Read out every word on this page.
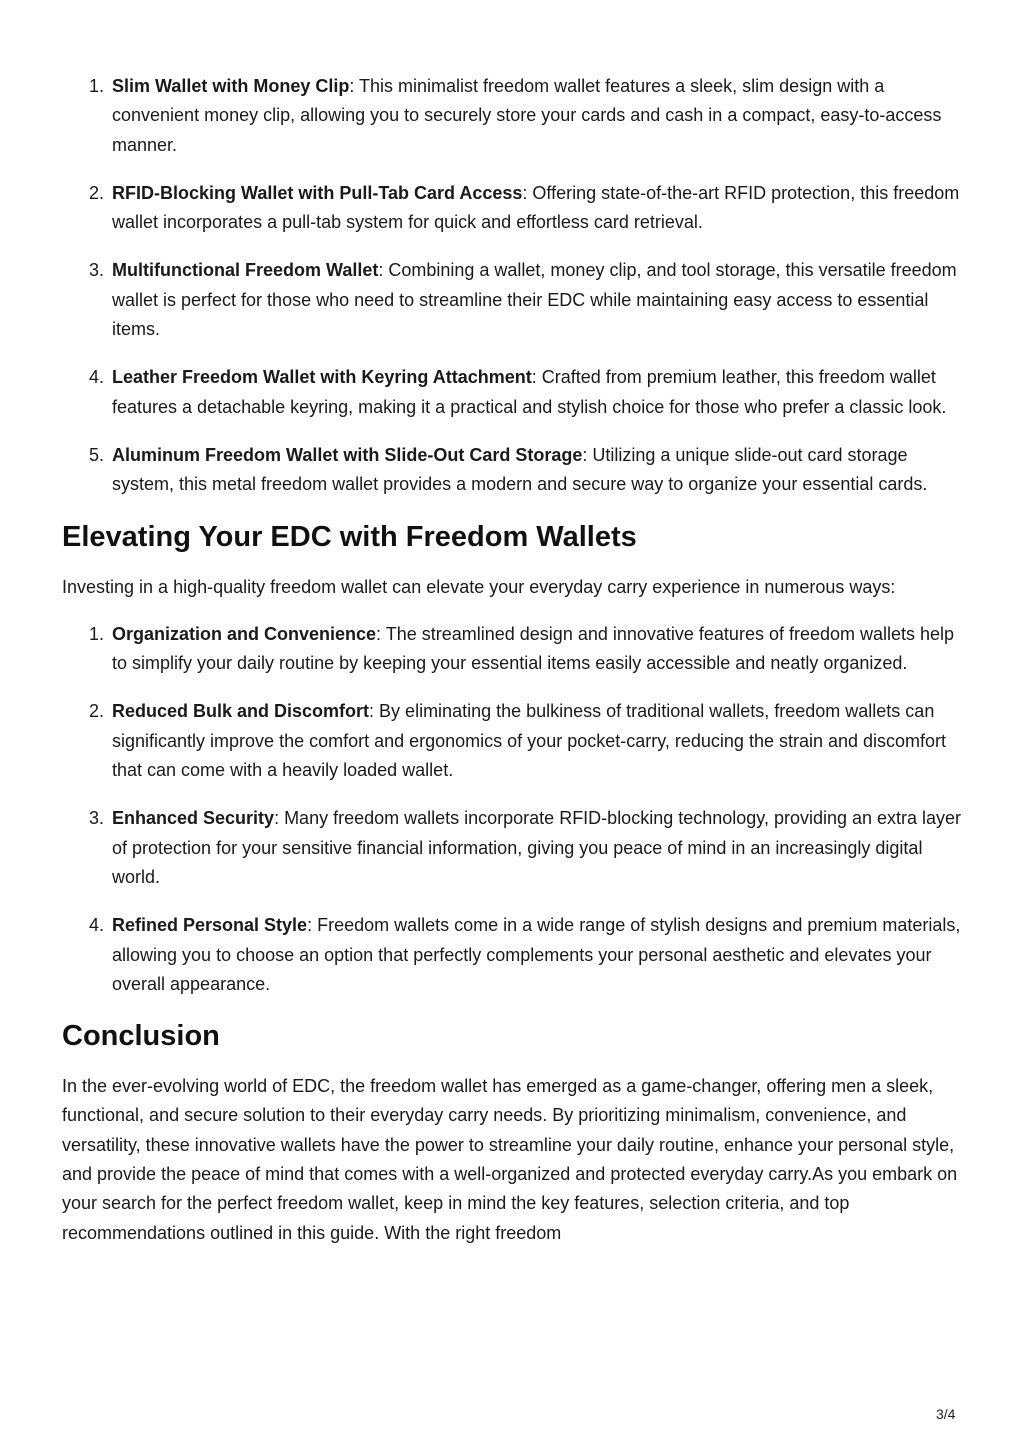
1. Slim Wallet with Money Clip: This minimalist freedom wallet features a sleek, slim design with a convenient money clip, allowing you to securely store your cards and cash in a compact, easy-to-access manner.
2. RFID-Blocking Wallet with Pull-Tab Card Access: Offering state-of-the-art RFID protection, this freedom wallet incorporates a pull-tab system for quick and effortless card retrieval.
3. Multifunctional Freedom Wallet: Combining a wallet, money clip, and tool storage, this versatile freedom wallet is perfect for those who need to streamline their EDC while maintaining easy access to essential items.
4. Leather Freedom Wallet with Keyring Attachment: Crafted from premium leather, this freedom wallet features a detachable keyring, making it a practical and stylish choice for those who prefer a classic look.
5. Aluminum Freedom Wallet with Slide-Out Card Storage: Utilizing a unique slide-out card storage system, this metal freedom wallet provides a modern and secure way to organize your essential cards.
Elevating Your EDC with Freedom Wallets

Investing in a high-quality freedom wallet can elevate your everyday carry experience in numerous ways:

1. Organization and Convenience: The streamlined design and innovative features of freedom wallets help to simplify your daily routine by keeping your essential items easily accessible and neatly organized.
2. Reduced Bulk and Discomfort: By eliminating the bulkiness of traditional wallets, freedom wallets can significantly improve the comfort and ergonomics of your pocket-carry, reducing the strain and discomfort that can come with a heavily loaded wallet.
3. Enhanced Security: Many freedom wallets incorporate RFID-blocking technology, providing an extra layer of protection for your sensitive financial information, giving you peace of mind in an increasingly digital world.
4. Refined Personal Style: Freedom wallets come in a wide range of stylish designs and premium materials, allowing you to choose an option that perfectly complements your personal aesthetic and elevates your overall appearance.
Conclusion

In the ever-evolving world of EDC, the freedom wallet has emerged as a game-changer, offering men a sleek, functional, and secure solution to their everyday carry needs. By prioritizing minimalism, convenience, and versatility, these innovative wallets have the power to streamline your daily routine, enhance your personal style, and provide the peace of mind that comes with a well-organized and protected everyday carry.As you embark on your search for the perfect freedom wallet, keep in mind the key features, selection criteria, and top recommendations outlined in this guide. With the right freedom

3/4
